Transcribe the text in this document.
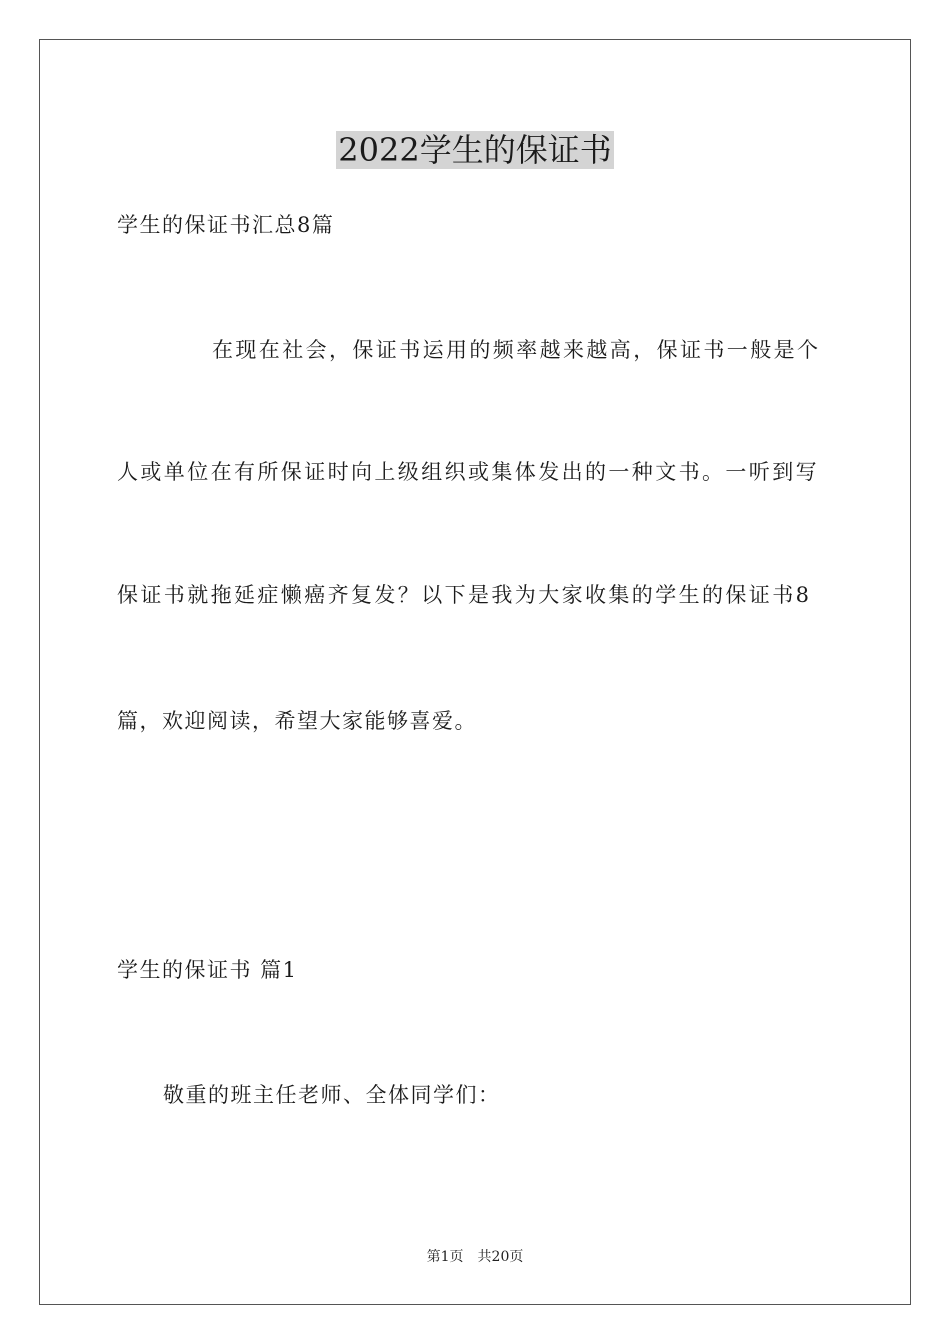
2022学生的保证书
学生的保证书汇总8篇
在现在社会，保证书运用的频率越来越高，保证书一般是个
人或单位在有所保证时向上级组织或集体发出的一种文书。一听到写
保证书就拖延症懒癌齐复发？以下是我为大家收集的学生的保证书8
篇，欢迎阅读，希望大家能够喜爱。
学生的保证书 篇1
敬重的班主任老师、全体同学们：
第1页 共20页
